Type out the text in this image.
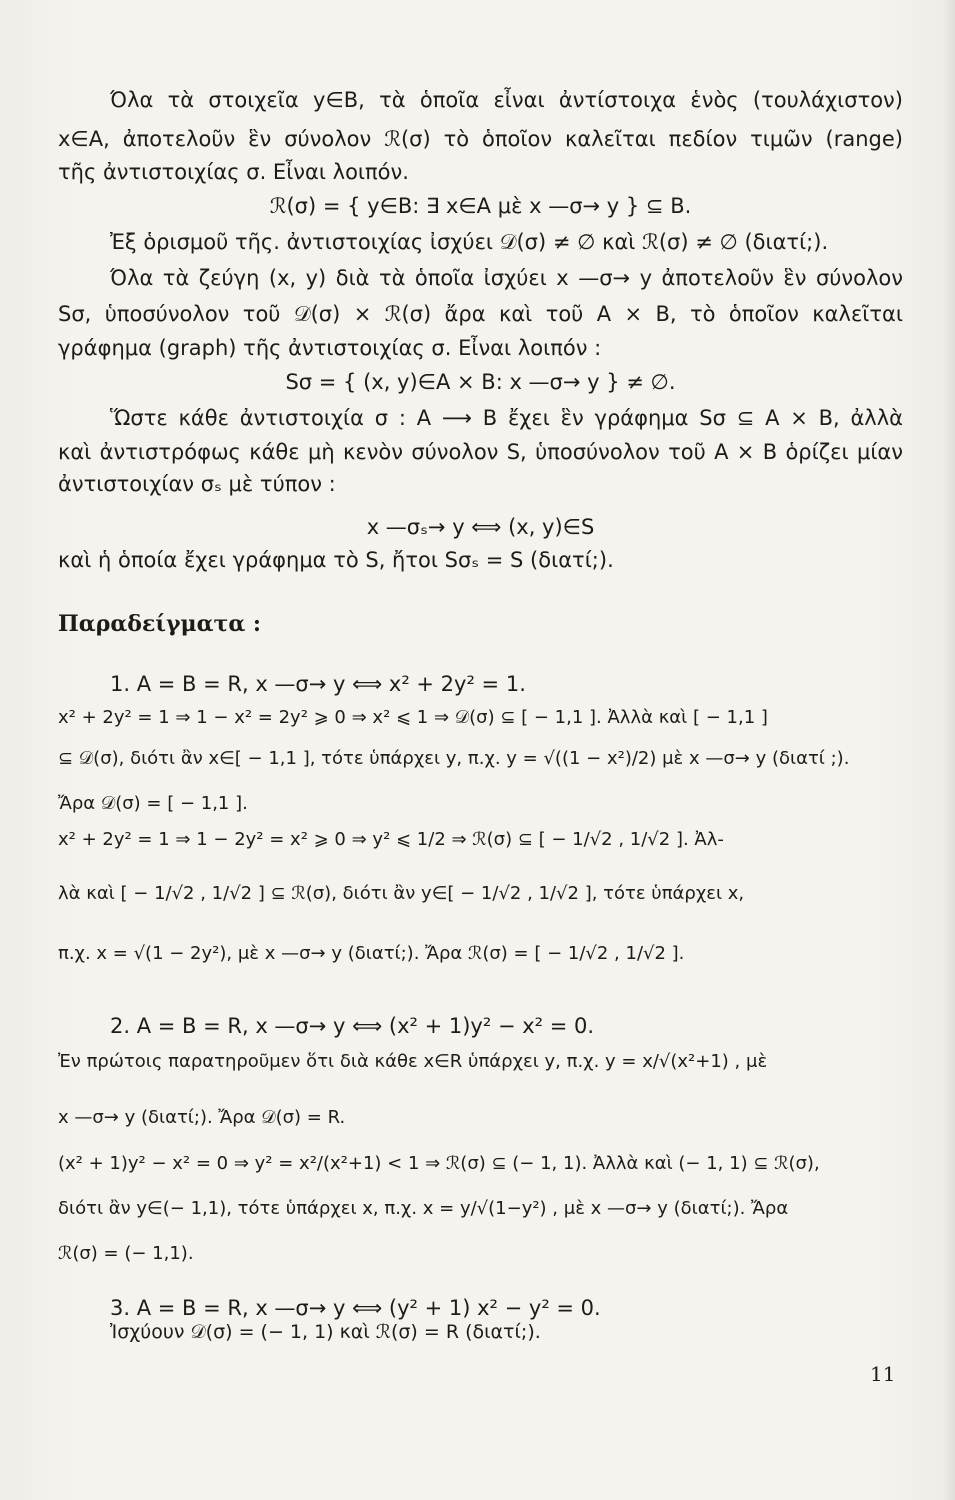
Όλα τὰ στοιχεῖα y∈B, τὰ ὁποῖα εἶναι ἀντίστοιχα ἑνὸς (τουλάχιστον)
x∈A, ἀποτελοῦν ἓν σύνολον ℛ(σ) τὸ ὁποῖον καλεῖται πεδίον τιμῶν (range)
τῆς ἀντιστοιχίας σ. Εἶναι λοιπόν.
ℛ(σ) = { y∈B: ∃ x∈A μὲ x —σ→ y } ⊆ B.
Ἐξ ὁρισμοῦ τῆς. ἀντιστοιχίας ἰσχύει 𝒟(σ) ≠ ∅ καὶ ℛ(σ) ≠ ∅ (διατί;).
Όλα τὰ ζεύγη (x, y) διὰ τὰ ὁποῖα ἰσχύει x —σ→ y ἀποτελοῦν ἓν σύνολον
Sσ, ὑποσύνολον τοῦ 𝒟(σ) × ℛ(σ) ἄρα καὶ τοῦ A × B, τὸ ὁποῖον καλεῖται
γράφημα (graph) τῆς ἀντιστοιχίας σ. Εἶναι λοιπόν :
Sσ = { (x, y)∈A × B: x —σ→ y } ≠ ∅.
Ὥστε κάθε ἀντιστοιχία σ : A ⟶ B ἔχει ἓν γράφημα Sσ ⊆ A × B, ἀλλὰ
καὶ ἀντιστρόφως κάθε μὴ κενὸν σύνολον S, ὑποσύνολον τοῦ A × B ὁρίζει μίαν
ἀντιστοιχίαν σₛ μὲ τύπον :
x —σₛ→ y ⟺ (x, y)∈S
καὶ ἡ ὁποία ἔχει γράφημα τὸ S, ἤτοι Sσₛ = S (διατί;).
Παραδείγματα :
1. A = B = R, x —σ→ y ⟺ x² + 2y² = 1.
x² + 2y² = 1 ⇒ 1 − x² = 2y² ⩾ 0 ⇒ x² ⩽ 1 ⇒ 𝒟(σ) ⊆ [ − 1,1 ]. Ἀλλὰ καὶ [ − 1,1 ]
⊆ 𝒟(σ), διότι ἂν x∈[ − 1,1 ], τότε ὑπάρχει y, π.χ. y = √((1 − x²)/2) μὲ x —σ→ y (διατί ;).
Ἄρα 𝒟(σ) = [ − 1,1 ].
x² + 2y² = 1 ⇒ 1 − 2y² = x² ⩾ 0 ⇒ y² ⩽ 1/2 ⇒ ℛ(σ) ⊆ [ − 1/√2 , 1/√2 ]. Ἀλ-
λὰ καὶ [ − 1/√2 , 1/√2 ] ⊆ ℛ(σ), διότι ἂν y∈[ − 1/√2 , 1/√2 ], τότε ὑπάρχει x,
π.χ. x = √(1 − 2y²), μὲ x —σ→ y (διατί;). Ἄρα ℛ(σ) = [ − 1/√2 , 1/√2 ].
2. A = B = R, x —σ→ y ⟺ (x² + 1)y² − x² = 0.
Ἐν πρώτοις παρατηροῦμεν ὅτι διὰ κάθε x∈R ὑπάρχει y, π.χ. y = x/√(x²+1) , μὲ
x —σ→ y (διατί;). Ἄρα 𝒟(σ) = R.
(x² + 1)y² − x² = 0 ⇒ y² = x²/(x²+1) < 1 ⇒ ℛ(σ) ⊆ (− 1, 1). Ἀλλὰ καὶ (− 1, 1) ⊆ ℛ(σ),
διότι ἂν y∈(− 1,1), τότε ὑπάρχει x, π.χ. x = y/√(1−y²) , μὲ x —σ→ y (διατί;). Ἄρα
ℛ(σ) = (− 1,1).
3. A = B = R, x —σ→ y ⟺ (y² + 1) x² − y² = 0.
Ἰσχύουν 𝒟(σ) = (− 1, 1) καὶ ℛ(σ) = R (διατί;).
11
